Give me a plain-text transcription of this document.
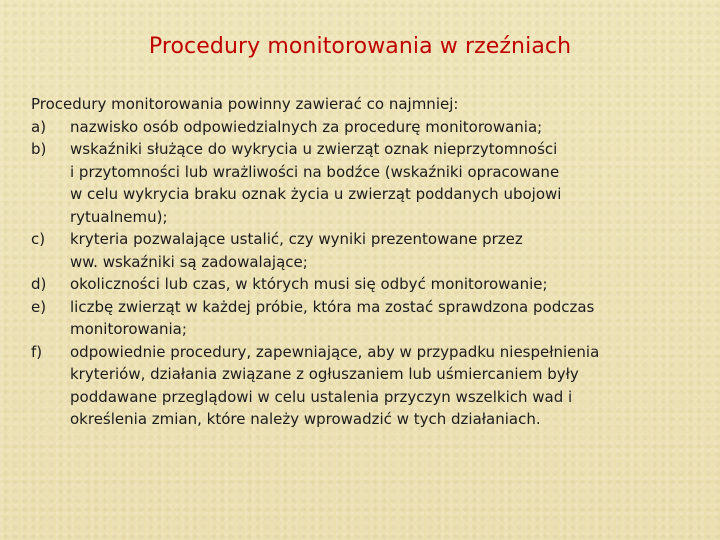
Procedury monitorowania w rzeźniach

Procedury monitorowania powinny zawierać co najmniej:

a)	nazwisko osób odpowiedzialnych za procedurę monitorowania;
b)	wskaźniki służące do wykrycia u zwierząt oznak nieprzytomności
i przytomności lub wrażliwości na bodźce (wskaźniki opracowane
w celu wykrycia braku oznak życia u zwierząt poddanych ubojowi
rytualnemu);
c)	kryteria pozwalające ustalić, czy wyniki prezentowane przez
ww. wskaźniki są zadowalające;
d)	okoliczności lub czas, w których musi się odbyć monitorowanie;
e)	liczbę zwierząt w każdej próbie, która ma zostać sprawdzona podczas
monitorowania;
f)	odpowiednie procedury, zapewniające, aby w przypadku niespełnienia
kryteriów, działania związane z ogłuszaniem lub uśmiercaniem były
poddawane przeglądowi w celu ustalenia przyczyn wszelkich wad i
określenia zmian, które należy wprowadzić w tych działaniach.
